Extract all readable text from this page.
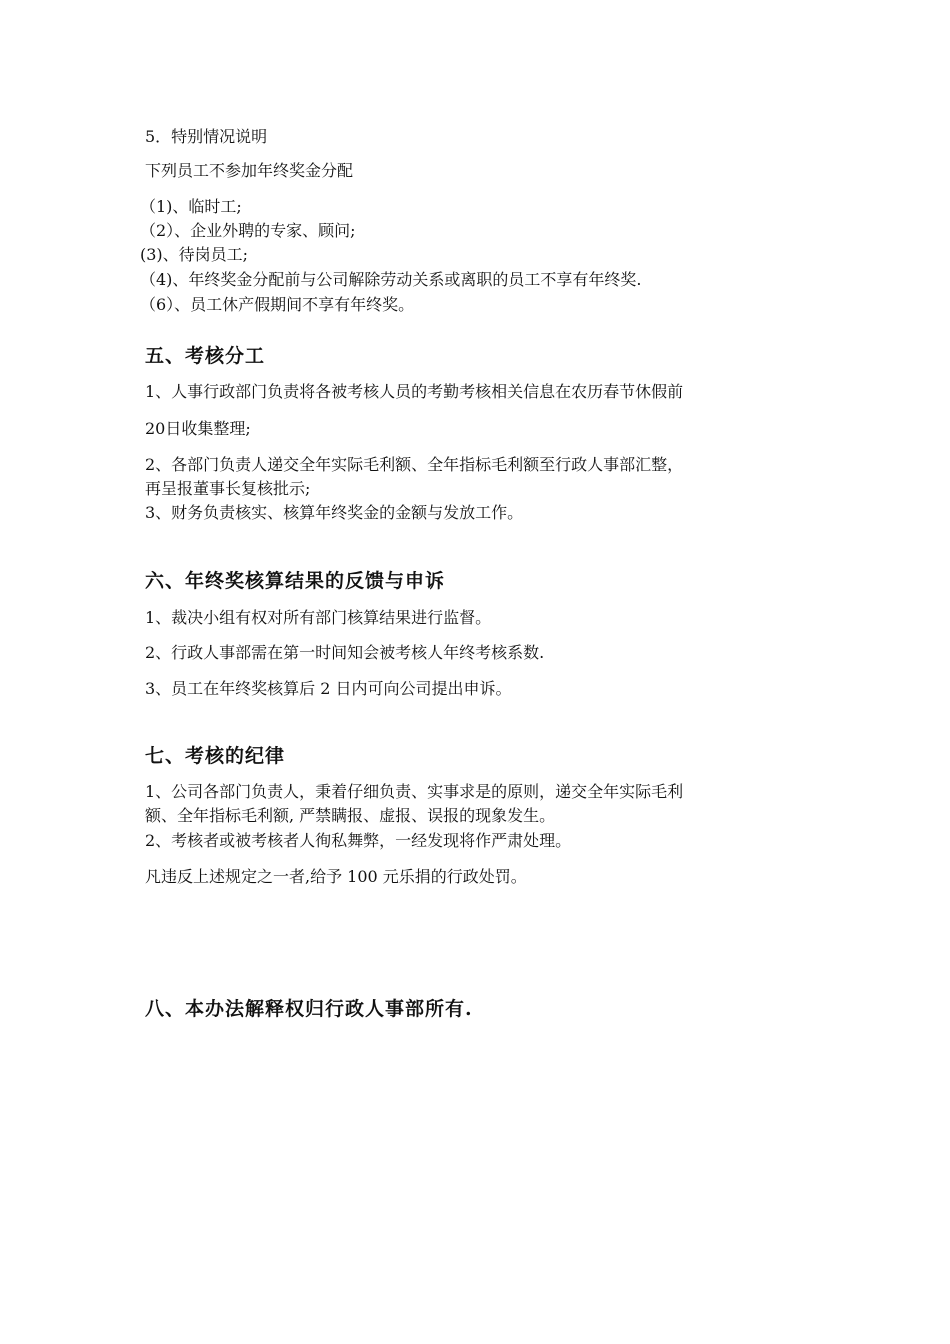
5．特别情况说明
下列员工不参加年终奖金分配
（1)、临时工;
（2）、企业外聘的专家、顾问;
(3)、待岗员工;
（4)、年终奖金分配前与公司解除劳动关系或离职的员工不享有年终奖.
（6）、员工休产假期间不享有年终奖。
五、考核分工
1、人事行政部门负责将各被考核人员的考勤考核相关信息在农历春节休假前
20日收集整理;
2、各部门负责人递交全年实际毛利额、全年指标毛利额至行政人事部汇整，
再呈报董事长复核批示;
3、财务负责核实、核算年终奖金的金额与发放工作。
六、年终奖核算结果的反馈与申诉
1、裁决小组有权对所有部门核算结果进行监督。
2、行政人事部需在第一时间知会被考核人年终考核系数.
3、员工在年终奖核算后 2 日内可向公司提出申诉。
七、考核的纪律
1、公司各部门负责人，秉着仔细负责、实事求是的原则，递交全年实际毛利
额、全年指标毛利额, 严禁瞒报、虚报、误报的现象发生。
2、考核者或被考核者人徇私舞弊，一经发现将作严肃处理。
凡违反上述规定之一者,给予 100 元乐捐的行政处罚。
八、本办法解释权归行政人事部所有.
